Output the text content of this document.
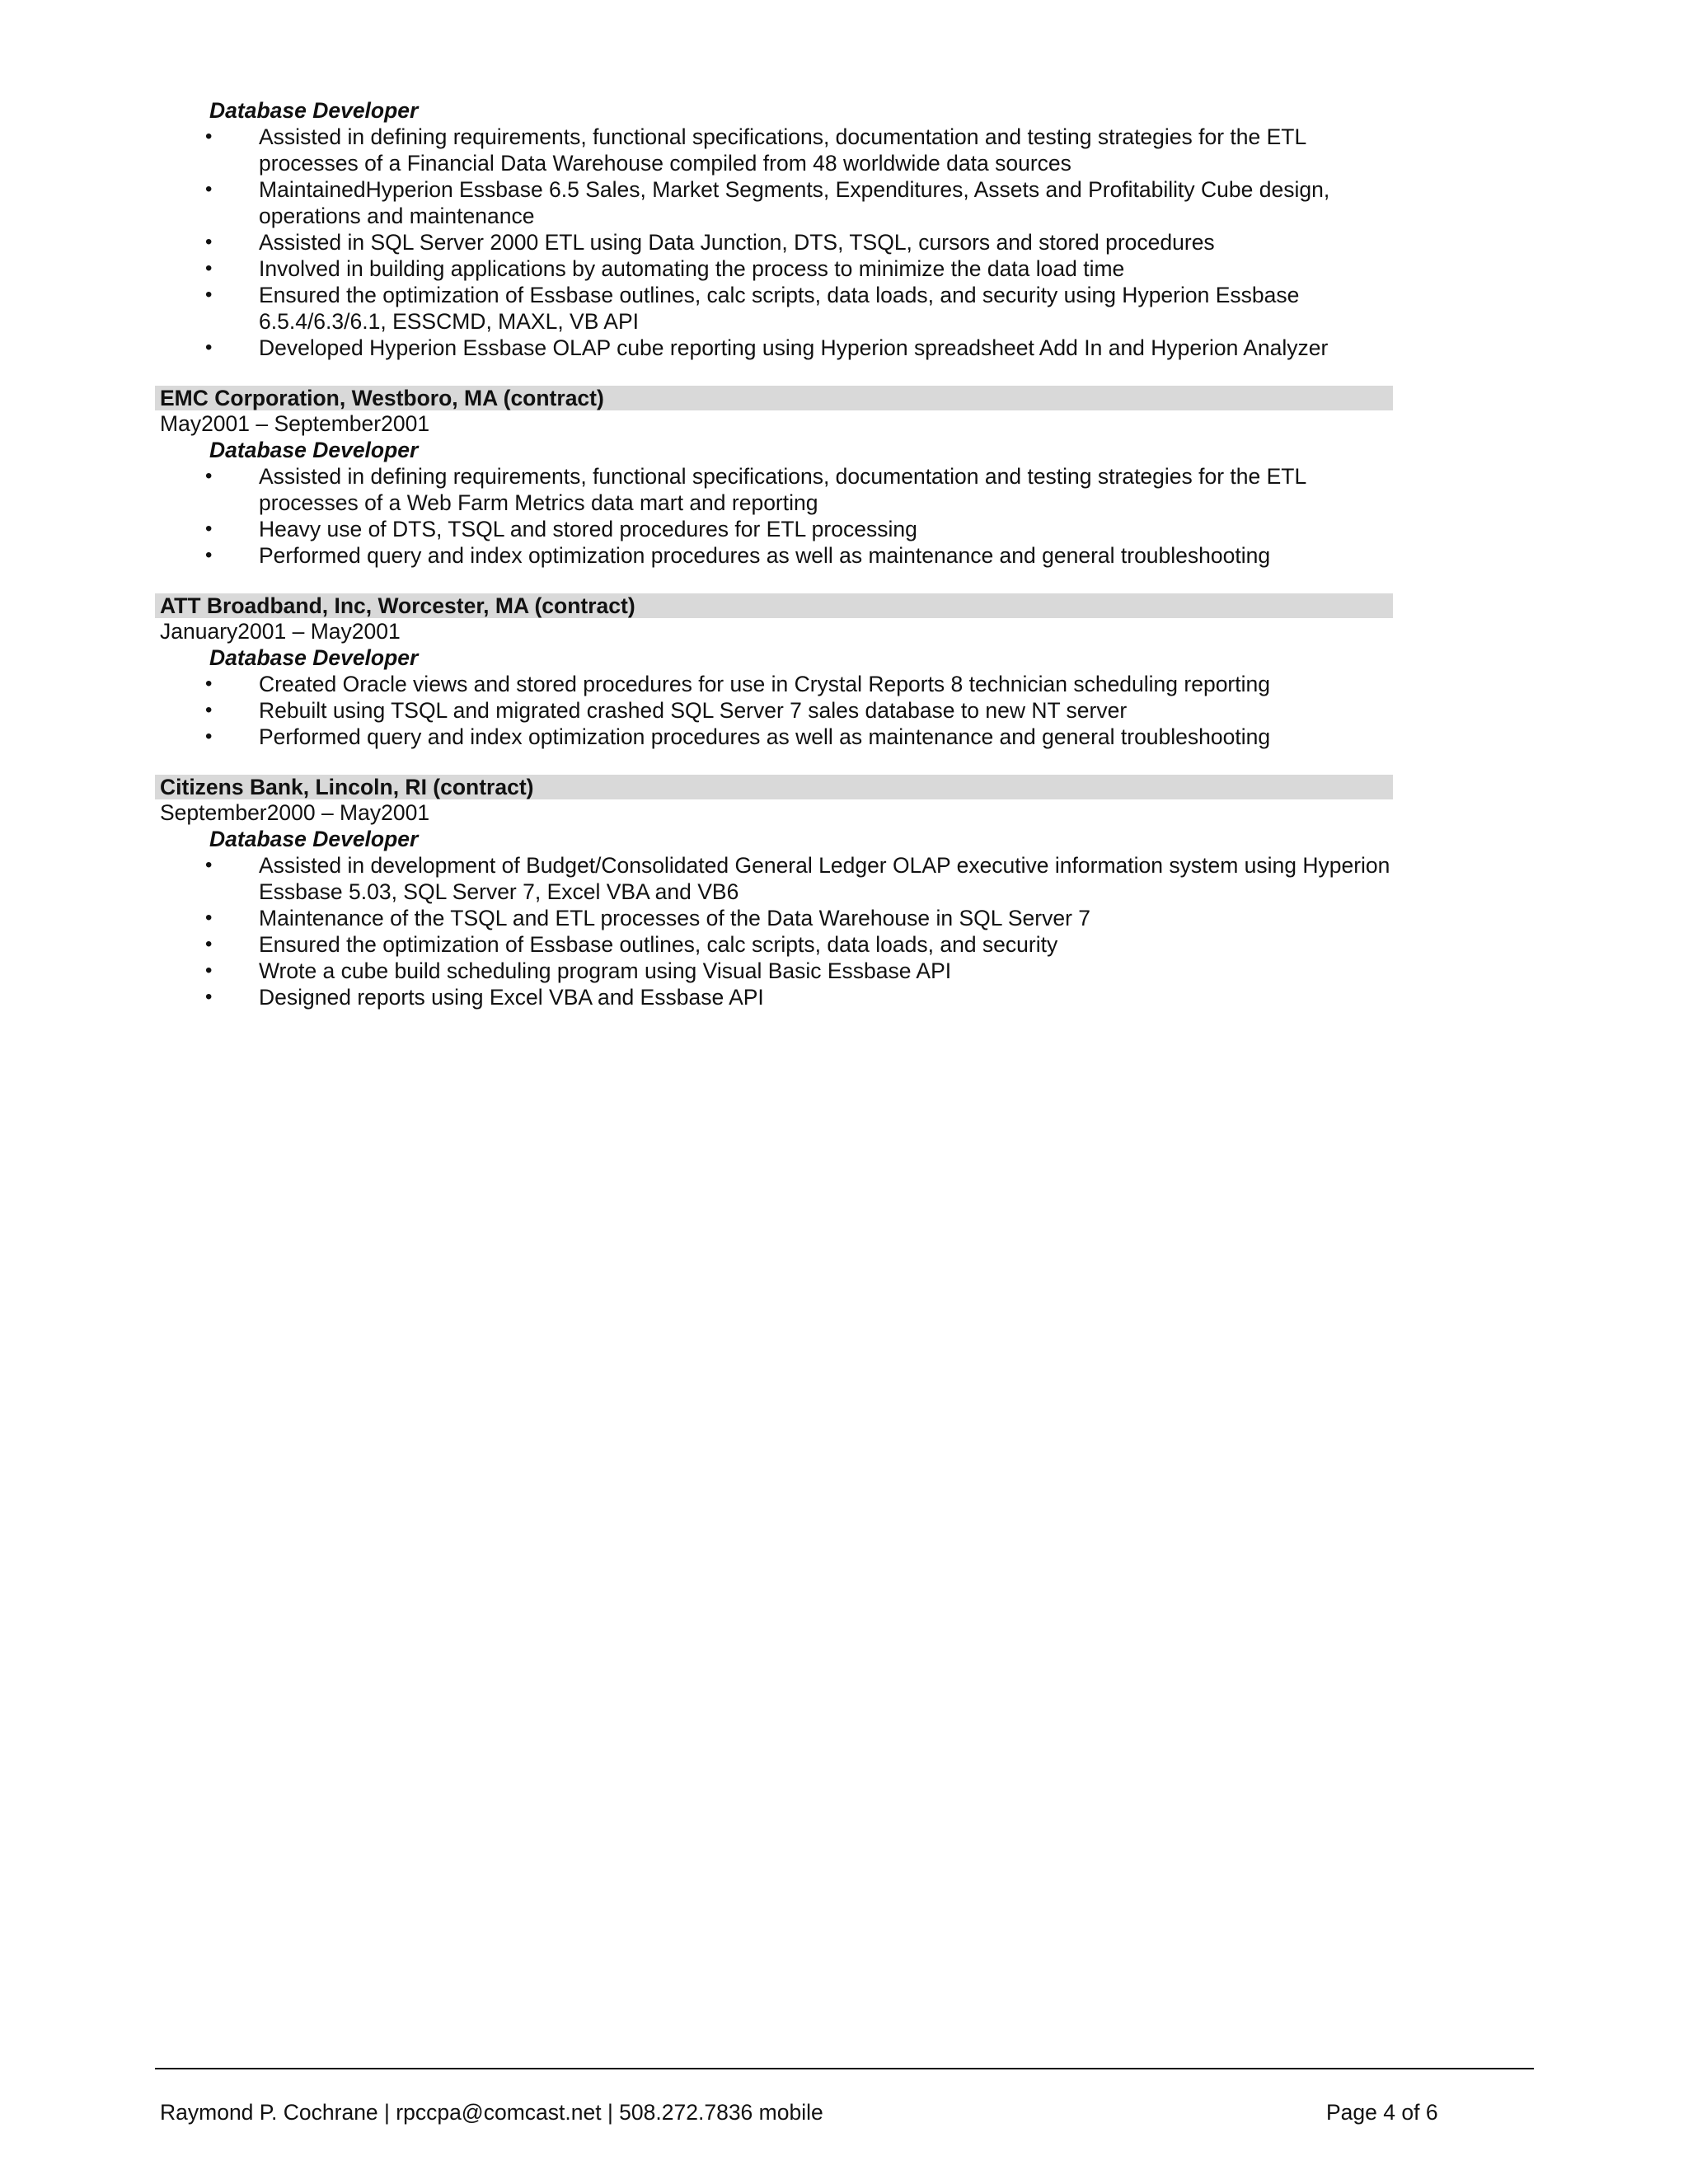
Database Developer
• Assisted in defining requirements, functional specifications, documentation and testing strategies for the ETL processes of a Financial Data Warehouse compiled from 48 worldwide data sources
• MaintainedHyperion Essbase 6.5 Sales, Market Segments, Expenditures, Assets and Profitability Cube design, operations and maintenance
• Assisted in SQL Server 2000 ETL using Data Junction, DTS, TSQL, cursors and stored procedures
• Involved in building applications by automating the process to minimize the data load time
• Ensured the optimization of Essbase outlines, calc scripts, data loads, and security using Hyperion Essbase 6.5.4/6.3/6.1, ESSCMD, MAXL, VB API
• Developed Hyperion Essbase OLAP cube reporting using Hyperion spreadsheet Add In and Hyperion Analyzer
EMC Corporation, Westboro, MA (contract)
May2001 – September2001
Database Developer
• Assisted in defining requirements, functional specifications, documentation and testing strategies for the ETL processes of a Web Farm Metrics data mart and reporting
• Heavy use of DTS, TSQL and stored procedures for ETL processing
• Performed query and index optimization procedures as well as maintenance and general troubleshooting
ATT Broadband, Inc, Worcester, MA (contract)
January2001 – May2001
Database Developer
• Created Oracle views and stored procedures for use in Crystal Reports 8 technician scheduling reporting
• Rebuilt using TSQL and migrated crashed SQL Server 7 sales database to new NT server
• Performed query and index optimization procedures as well as maintenance and general troubleshooting
Citizens Bank, Lincoln, RI (contract)
September2000 – May2001
Database Developer
• Assisted in development of Budget/Consolidated General Ledger OLAP executive information system using Hyperion Essbase 5.03, SQL Server 7, Excel VBA and VB6
• Maintenance of the TSQL and ETL processes of the Data Warehouse in SQL Server 7
• Ensured the optimization of Essbase outlines, calc scripts, data loads, and security
• Wrote a cube build scheduling program using Visual Basic Essbase API
• Designed reports using Excel VBA and Essbase API
Raymond P. Cochrane | rpccpa@comcast.net | 508.272.7836 mobile	Page 4 of 6
